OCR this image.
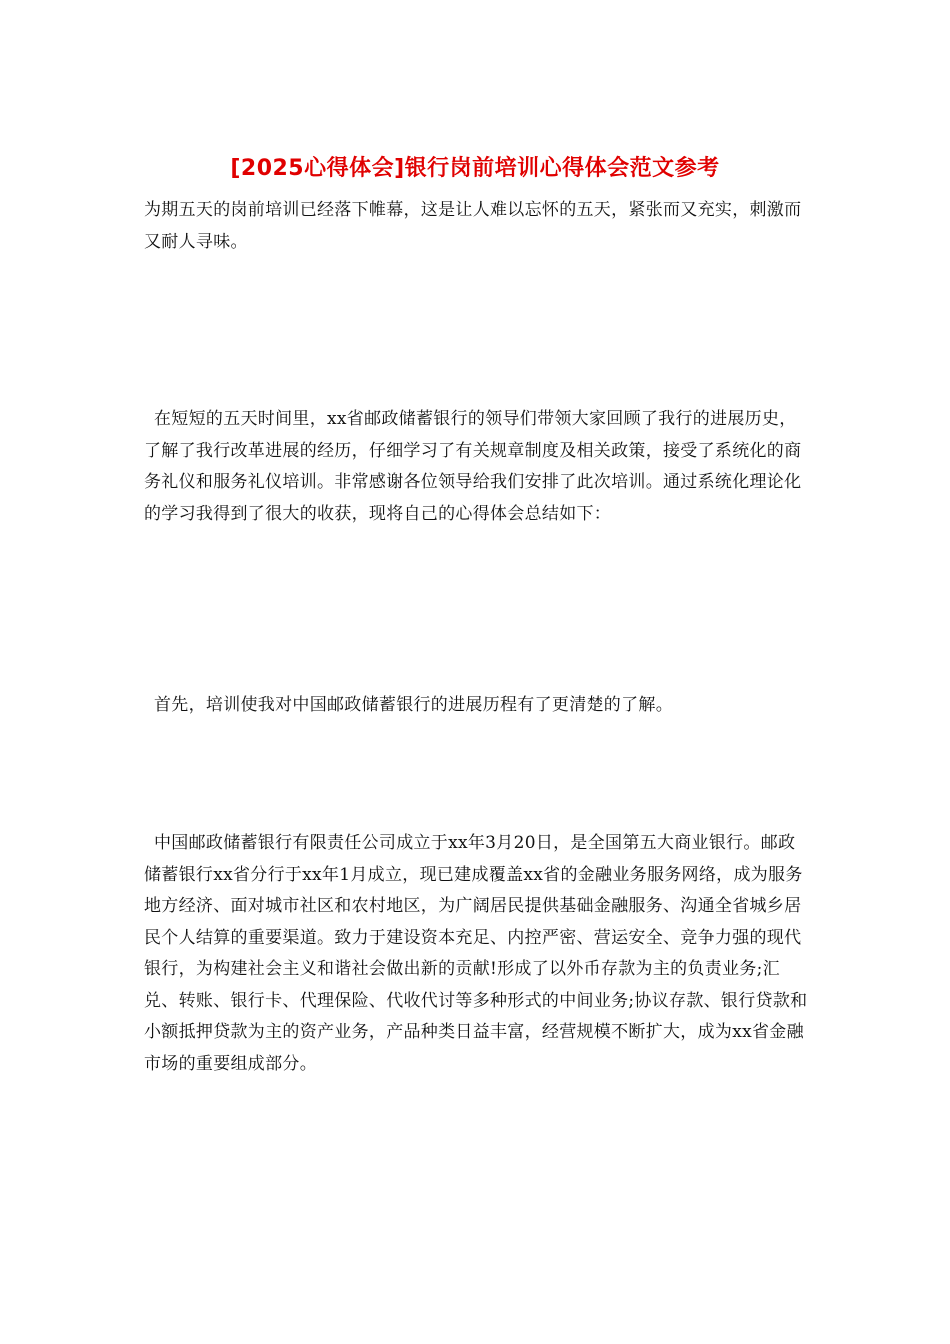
[2025心得体会]银行岗前培训心得体会范文参考

为期五天的岗前培训已经落下帷幕，这是让人难以忘怀的五天，紧张而又充实，刺激而又耐人寻味。

在短短的五天时间里，xx省邮政储蓄银行的领导们带领大家回顾了我行的进展历史，了解了我行改革进展的经历，仔细学习了有关规章制度及相关政策，接受了系统化的商务礼仪和服务礼仪培训。非常感谢各位领导给我们安排了此次培训。通过系统化理论化的学习我得到了很大的收获，现将自己的心得体会总结如下：

首先，培训使我对中国邮政储蓄银行的进展历程有了更清楚的了解。

中国邮政储蓄银行有限责任公司成立于xx年3月20日，是全国第五大商业银行。邮政储蓄银行xx省分行于xx年1月成立，现已建成覆盖xx省的金融业务服务网络，成为服务地方经济、面对城市社区和农村地区，为广阔居民提供基础金融服务、沟通全省城乡居民个人结算的重要渠道。致力于建设资本充足、内控严密、营运安全、竞争力强的现代银行，为构建社会主义和谐社会做出新的贡献!形成了以外币存款为主的负责业务;汇兑、转账、银行卡、代理保险、代收代讨等多种形式的中间业务;协议存款、银行贷款和小额抵押贷款为主的资产业务，产品种类日益丰富，经营规模不断扩大，成为xx省金融市场的重要组成部分。
